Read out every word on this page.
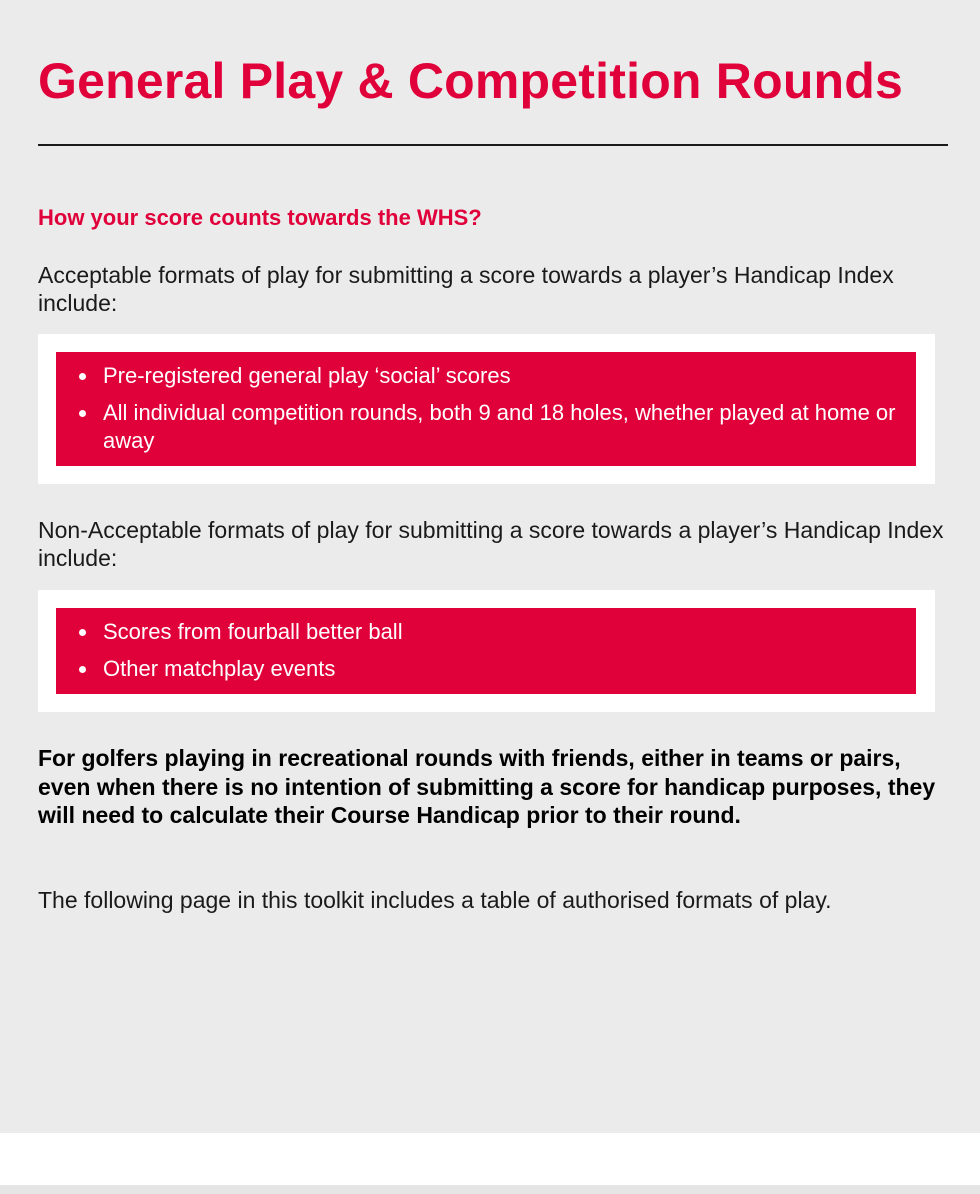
General Play & Competition Rounds
How your score counts towards the WHS?

Acceptable formats of play for submitting a score towards a player’s Handicap Index include:

Pre-registered general play ‘social’ scores
All individual competition rounds, both 9 and 18 holes, whether played at home or away

Non-Acceptable formats of play for submitting a score towards a player’s Handicap Index include:

Scores from fourball better ball
Other matchplay events

For golfers playing in recreational rounds with friends, either in teams or pairs, even when there is no intention of submitting a score for handicap purposes, they will need to calculate their Course Handicap prior to their round.

The following page in this toolkit includes a table of authorised formats of play.
